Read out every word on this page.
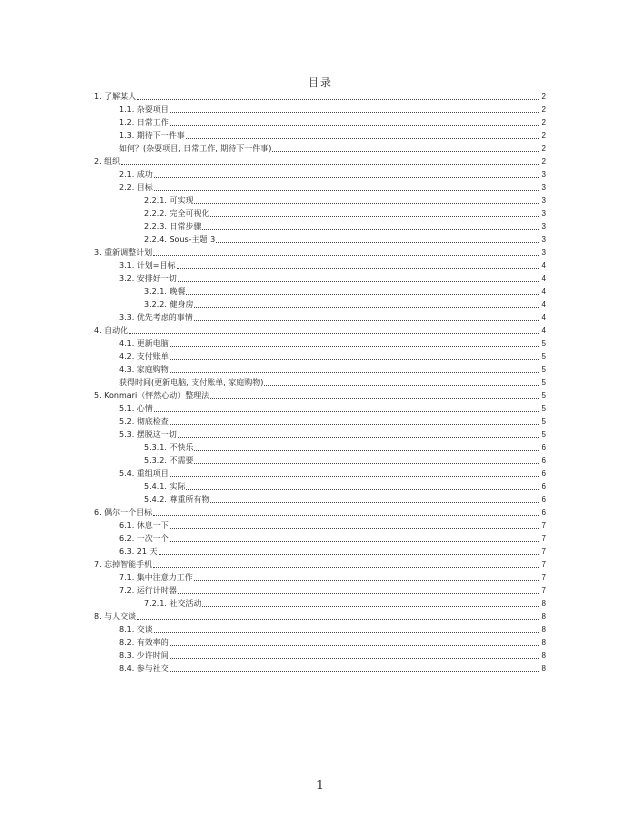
目录
1. 了解某人	2
1.1. 杂耍项目	2
1.2. 日常工作	2
1.3. 期待下一件事	2
如何？(杂耍项目, 日常工作, 期待下一件事)	2
2. 组织	2
2.1. 成功	3
2.2. 目标	3
2.2.1. 可实现	3
2.2.2. 完全可视化	3
2.2.3. 日常步骤	3
2.2.4. Sous-主题 3	3
3. 重新调整计划	3
3.1. 计划=目标	4
3.2. 安排好一切	4
3.2.1. 晚餐	4
3.2.2. 健身房	4
3.3. 优先考虑的事情	4
4. 自动化	4
4.1. 更新电脑	5
4.2. 支付账单	5
4.3. 家庭购物	5
获得时间(更新电脑, 支付账单, 家庭购物)	5
5. Konmari（怦然心动）整理法	5
5.1. 心情	5
5.2. 彻底检查	5
5.3. 摆脱这一切	5
5.3.1. 不快乐	6
5.3.2. 不需要	6
5.4. 重组项目	6
5.4.1. 实际	6
5.4.2. 尊重所有物	6
6. 偶尔一个目标	6
6.1. 休息一下	7
6.2. 一次一个	7
6.3. 21 天	7
7. 忘掉智能手机	7
7.1. 集中注意力工作	7
7.2. 运行计时器	7
7.2.1. 社交活动	8
8. 与人交谈	8
8.1. 交谈	8
8.2. 有效率的	8
8.3. 少许时间	8
8.4. 参与社交	8
1
